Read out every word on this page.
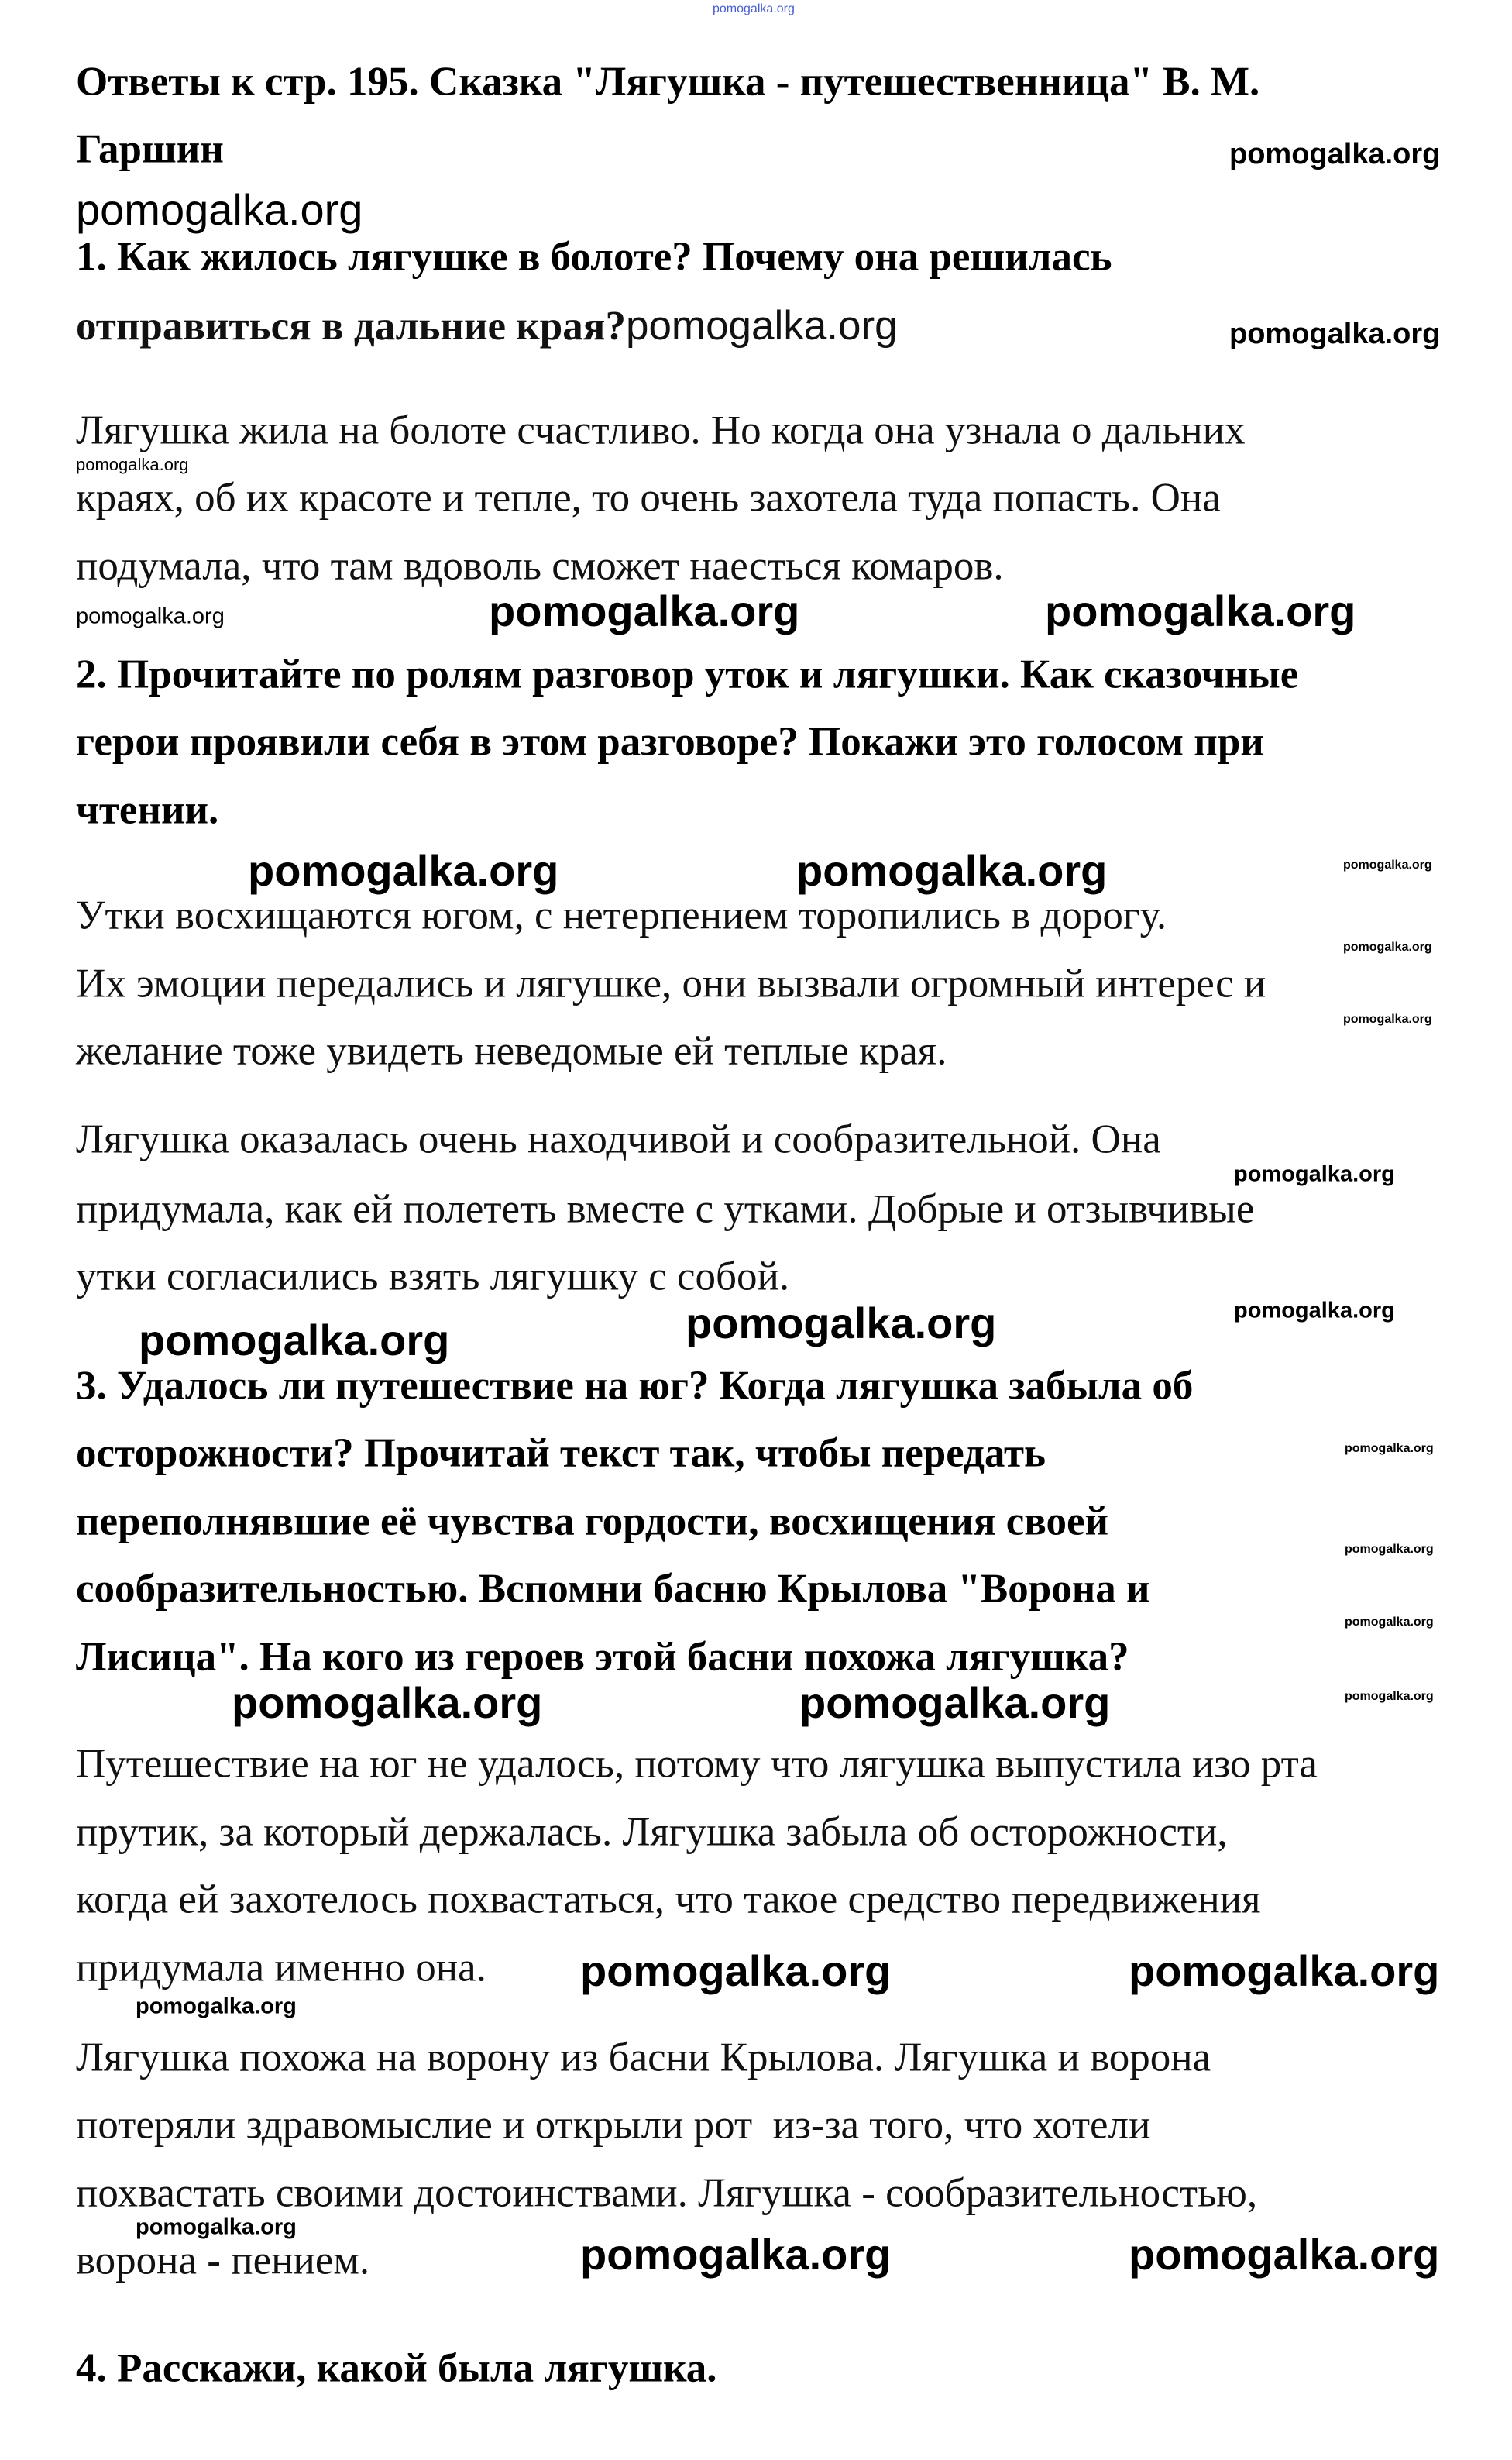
pomogalka.org
Ответы к стр. 195. Сказка "Лягушка - путешественница" В. М.
Гаршин	pomogalka.org
pomogalka.org
1. Как жилось лягушке в болоте? Почему она решилась
отправиться в дальние края?pomogalka.org	pomogalka.org
Лягушка жила на болоте счастливо. Но когда она узнала о дальних
pomogalka.org
краях, об их красоте и тепле, то очень захотела туда попасть. Она
подумала, что там вдоволь сможет наесться комаров.
pomogalka.org	pomogalka.org	pomogalka.org
2. Прочитайте по ролям разговор уток и лягушки. Как сказочные
герои проявили себя в этом разговоре? Покажи это голосом при
чтении.
pomogalka.org	pomogalka.org	pomogalka.org
Утки восхищаются югом, с нетерпением торопились в дорогу.
pomogalka.org
Их эмоции передались и лягушке, они вызвали огромный интерес и
pomogalka.org
желание тоже увидеть неведомые ей теплые края.
Лягушка оказалась очень находчивой и сообразительной. Она
pomogalka.org
придумала, как ей полететь вместе с утками. Добрые и отзывчивые
утки согласились взять лягушку с собой.
pomogalka.org	pomogalka.org
pomogalka.org
3. Удалось ли путешествие на юг? Когда лягушка забыла об
pomogalka.org
осторожности? Прочитай текст так, чтобы передать
переполнявшие её чувства гордости, восхищения своей
pomogalka.org
сообразительностью. Вспомни басню Крылова "Ворона и
pomogalka.org
Лисица". На кого из героев этой басни похожа лягушка?
pomogalka.org
pomogalka.org	pomogalka.org
Путешествие на юг не удалось, потому что лягушка выпустила изо рта
прутик, за который держалась. Лягушка забыла об осторожности,
когда ей захотелось похвастаться, что такое средство передвижения
придумала именно она. pomogalka.org	pomogalka.org
pomogalka.org
Лягушка похожа на ворону из басни Крылова. Лягушка и ворона
потеряли здравомыслие и открыли рот  из-за того, что хотели
похвастать своими достоинствами. Лягушка - сообразительностью,
pomogalka.org
ворона - пением.	pomogalka.org	pomogalka.org
4. Расскажи, какой была лягушка.
